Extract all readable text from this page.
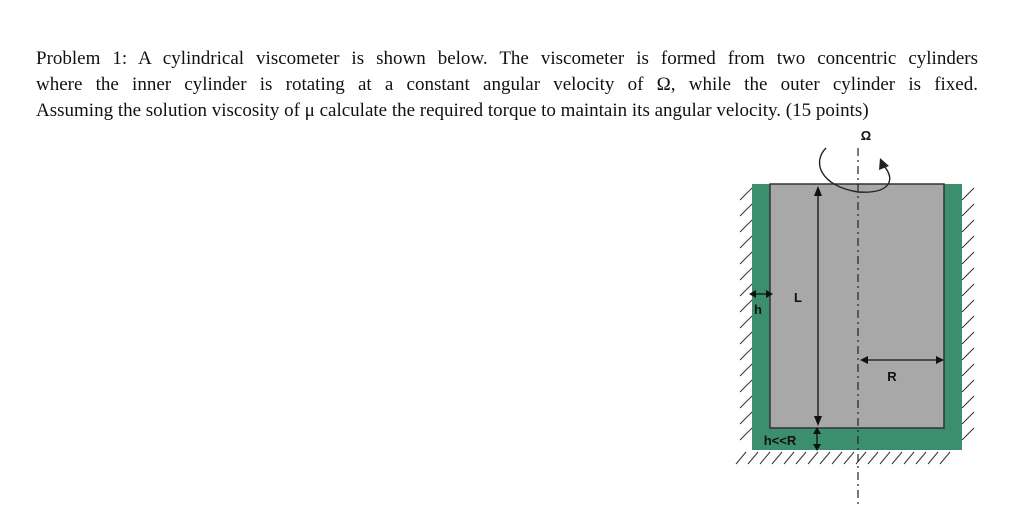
Problem 1: A cylindrical viscometer is shown below. The viscometer is formed from two concentric cylinders
where the inner cylinder is rotating at a constant angular velocity of Ω, while the outer cylinder is fixed.
Assuming the solution viscosity of μ calculate the required torque to maintain its angular velocity. (15 points)
Ω
L
h
R
h<<R
